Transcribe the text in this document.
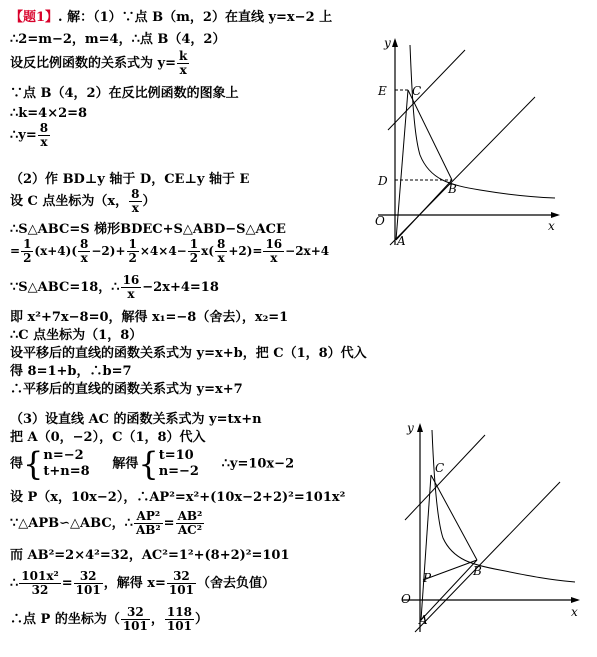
【题1】. 解：（1）∵点 B（m，2）在直线 y=x−2 上
∴2=m−2，m=4，∴点 B（4，2）
设反比例函数的关系式为 $y= \frac{k}{x}$
∵点 B（4，2）在反比例函数的图象上
∴k=4×2=8
∴y= $\frac{8}{x}$
（2）作 BD⊥y 轴于 D，CE⊥y 轴于 E
设 C 点坐标为（x， $\frac{8}{x}$ ）
∴S△ABC=S 梯形BDEC+S△ABD−S△ACE
= $\frac{1}{2} (x+4)( \frac{8}{x} -2)+ \frac{1}{2} \times 4\times 4- \frac{1}{2} x( \frac{8}{x} +2)= \frac{16}{x} -2x+4$
∵S△ABC=18，∴ $\frac{16}{x} -2x+4=18$
即 x²+7x−8=0，解得 x₁=−8（舍去），x₂=1
∴C 点坐标为（1，8）
设平移后的直线的函数关系式为 y=x+b，把 C（1，8）代入
得 8=1+b，∴b=7
∴平移后的直线的函数关系式为 y=x+7
（3）设直线 AC 的函数关系式为 y=tx+n
把 A（0，−2），C（1，8）代入
得{ n=−2
t+n=8 解得{ t=10
n=−2 ∴y=10x−2
设 P（x，10x−2），∴AP²=x²+(10x−2+2)²=101x²
∵△APB∽△ABC，∴ $\frac{\text{AP²}}{\text{AB²}} = \frac{\text{AB²}}{\text{AC²}}$
而 AB²=2×4²=32，AC²=1²+(8+2)²=101
∴ $\frac{\text{101x²}}{32} = \frac{32}{101}$ ，解得 $x= \frac{32}{101}$ （舍去负值）
∴点 P 的坐标为（ $\frac{32}{101}$ ， $\frac{118}{101}$ ）
y
x
O
A
B
C
D
E
y
x
O
A
B
C
P
